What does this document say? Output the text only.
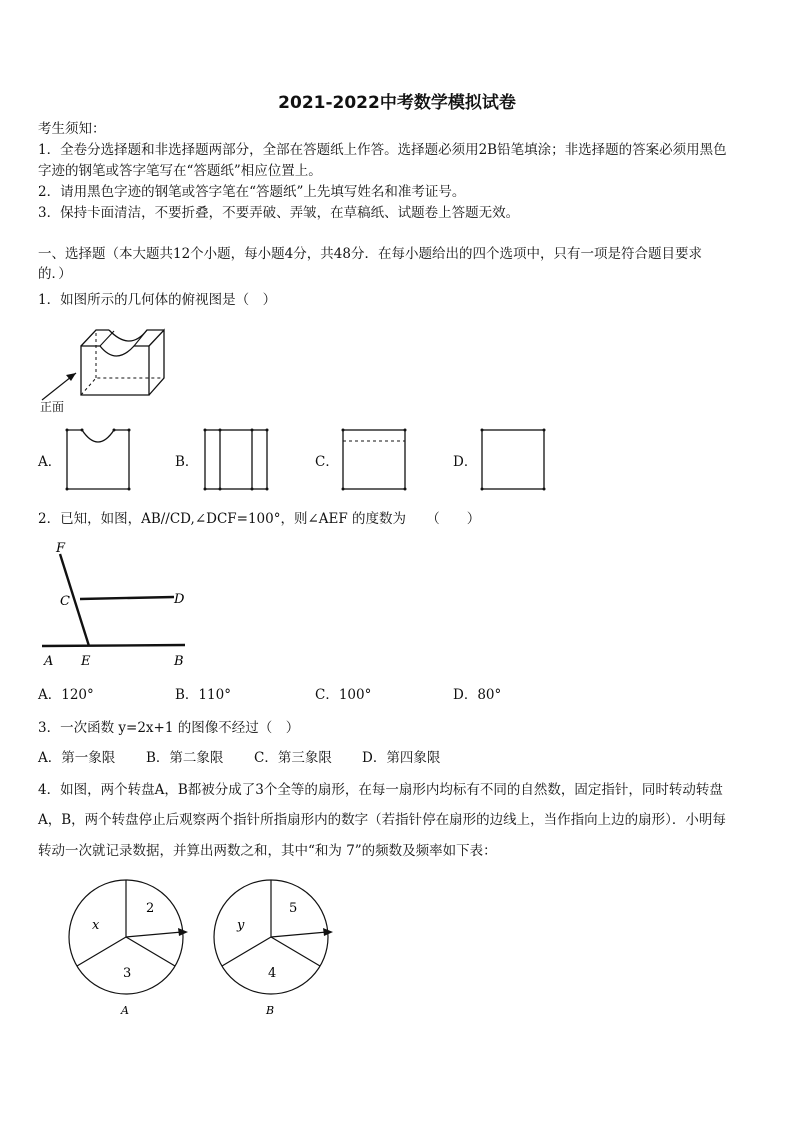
2021-2022中考数学模拟试卷
考生须知：
1．全卷分选择题和非选择题两部分，全部在答题纸上作答。选择题必须用2B铅笔填涂；非选择题的答案必须用黑色
字迹的钢笔或答字笔写在“答题纸”相应位置上。
2．请用黑色字迹的钢笔或答字笔在“答题纸”上先填写姓名和准考证号。
3．保持卡面清洁，不要折叠，不要弄破、弄皱，在草稿纸、试题卷上答题无效。
一、选择题（本大题共12个小题，每小题4分，共48分．在每小题给出的四个选项中，只有一项是符合题目要求
的．）
1．如图所示的几何体的俯视图是（　）
正面
A．	B．	C．	D．
2．已知，如图，AB//CD,∠DCF=100°，则∠AEF 的度数为　　（　　）
F
C	D
A E	B
A．120°	B．110°	C．100°	D．80°
3．一次函数 y=2x+1 的图像不经过（　）
A．第一象限 B．第二象限 C．第三象限 D．第四象限
4．如图，两个转盘A，B都被分成了3个全等的扇形，在每一扇形内均标有不同的自然数，固定指针，同时转动转盘
A，B，两个转盘停止后观察两个指针所指扇形内的数字（若指针停在扇形的边线上，当作指向上边的扇形）．小明每
转动一次就记录数据，并算出两数之和，其中“和为 7”的频数及频率如下表：
x
2
3
A
y
5
4
B
